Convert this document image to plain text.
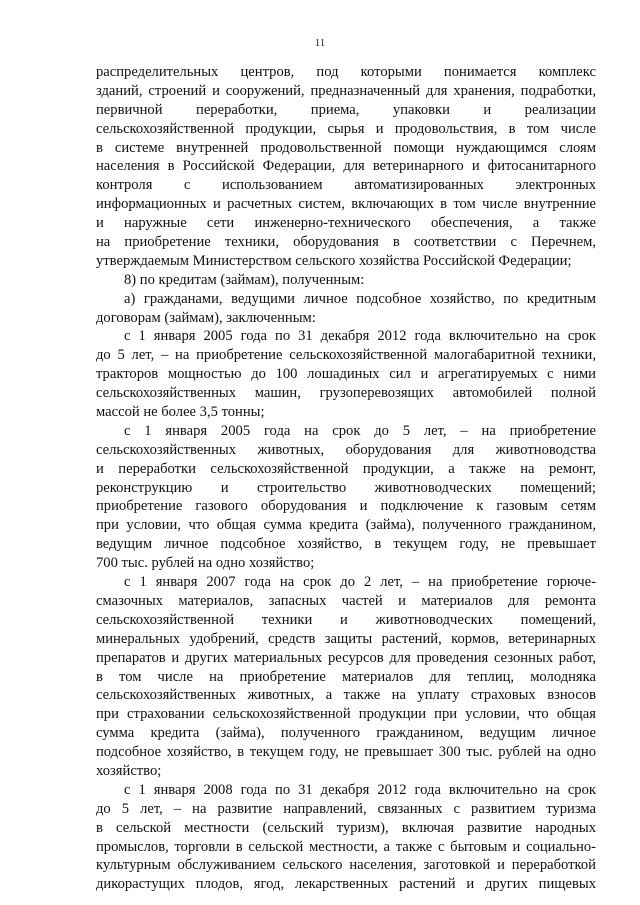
11
распределительных центров, под которыми понимается комплекс
зданий, строений и сооружений, предназначенный для хранения, подработки,
первичной переработки, приема, упаковки и реализации
сельскохозяйственной продукции, сырья и продовольствия, в том числе
в системе внутренней продовольственной помощи нуждающимся слоям
населения в Российской Федерации, для ветеринарного и фитосанитарного
контроля с использованием автоматизированных электронных
информационных и расчетных систем, включающих в том числе внутренние
и наружные сети инженерно-технического обеспечения, а также
на приобретение техники, оборудования в соответствии с Перечнем,
утверждаемым Министерством сельского хозяйства Российской Федерации;
8) по кредитам (займам), полученным:
а) гражданами, ведущими личное подсобное хозяйство, по кредитным
договорам (займам), заключенным:
с 1 января 2005 года по 31 декабря 2012 года включительно на срок
до 5 лет, – на приобретение сельскохозяйственной малогабаритной техники,
тракторов мощностью до 100 лошадиных сил и агрегатируемых с ними
сельскохозяйственных машин, грузоперевозящих автомобилей полной
массой не более 3,5 тонны;
с 1 января 2005 года на срок до 5 лет, – на приобретение
сельскохозяйственных животных, оборудования для животноводства
и переработки сельскохозяйственной продукции, а также на ремонт,
реконструкцию и строительство животноводческих помещений;
приобретение газового оборудования и подключение к газовым сетям
при условии, что общая сумма кредита (займа), полученного гражданином,
ведущим личное подсобное хозяйство, в текущем году, не превышает
700 тыс. рублей на одно хозяйство;
с 1 января 2007 года на срок до 2 лет, – на приобретение горюче-
смазочных материалов, запасных частей и материалов для ремонта
сельскохозяйственной техники и животноводческих помещений,
минеральных удобрений, средств защиты растений, кормов, ветеринарных
препаратов и других материальных ресурсов для проведения сезонных работ,
в том числе на приобретение материалов для теплиц, молодняка
сельскохозяйственных животных, а также на уплату страховых взносов
при страховании сельскохозяйственной продукции при условии, что общая
сумма кредита (займа), полученного гражданином, ведущим личное
подсобное хозяйство, в текущем году, не превышает 300 тыс. рублей на одно
хозяйство;
с 1 января 2008 года по 31 декабря 2012 года включительно на срок
до 5 лет, – на развитие направлений, связанных с развитием туризма
в сельской местности (сельский туризм), включая развитие народных
промыслов, торговли в сельской местности, а также с бытовым и социально-
культурным обслуживанием сельского населения, заготовкой и переработкой
дикорастущих плодов, ягод, лекарственных растений и других пищевых
